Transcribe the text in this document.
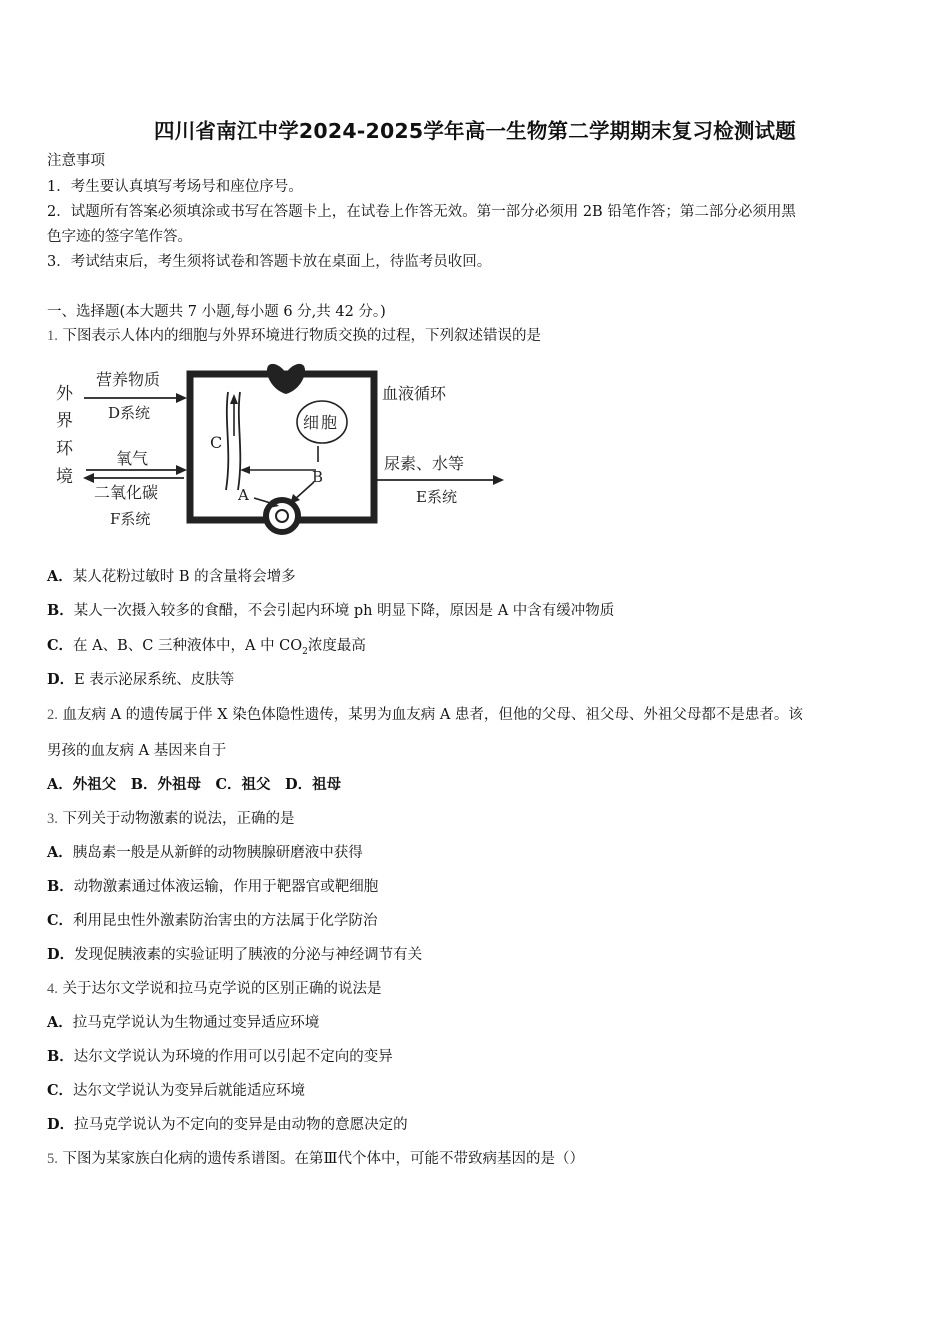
四川省南江中学2024-2025学年高一生物第二学期期末复习检测试题
注意事项
1．考生要认真填写考场号和座位序号。
2．试题所有答案必须填涂或书写在答题卡上，在试卷上作答无效。第一部分必须用 2B 铅笔作答；第二部分必须用黑
色字迹的签字笔作答。
3．考试结束后，考生须将试卷和答题卡放在桌面上，待监考员收回。
一、选择题(本大题共 7 小题,每小题 6 分,共 42 分。)
1. 下图表示人体内的细胞与外界环境进行物质交换的过程，下列叙述错误的是
外
界
环
境
营养物质
D系统
氧气
二氧化碳
F系统
C
细 胞
B
A
血液循环
尿素、水等
E系统
A．某人花粉过敏时 B 的含量将会增多
B．某人一次摄入较多的食醋，不会引起内环境 ph 明显下降，原因是 A 中含有缓冲物质
C．在 A、B、C 三种液体中，A 中 $CO_2$浓度最高
D．E 表示泌尿系统、皮肤等
2. 血友病 A 的遗传属于伴 X 染色体隐性遗传，某男为血友病 A 患者，但他的父母、祖父母、外祖父母都不是患者。该
男孩的血友病 A 基因来自于
A．外祖父　B．外祖母　C．祖父　D．祖母
3. 下列关于动物激素的说法，正确的是
A．胰岛素一般是从新鲜的动物胰腺研磨液中获得
B．动物激素通过体液运输，作用于靶器官或靶细胞
C．利用昆虫性外激素防治害虫的方法属于化学防治
D．发现促胰液素的实验证明了胰液的分泌与神经调节有关
4. 关于达尔文学说和拉马克学说的区别正确的说法是
A．拉马克学说认为生物通过变异适应环境
B．达尔文学说认为环境的作用可以引起不定向的变异
C．达尔文学说认为变异后就能适应环境
D．拉马克学说认为不定向的变异是由动物的意愿决定的
5. 下图为某家族白化病的遗传系谱图。在第Ⅲ代个体中，可能不带致病基因的是（）
